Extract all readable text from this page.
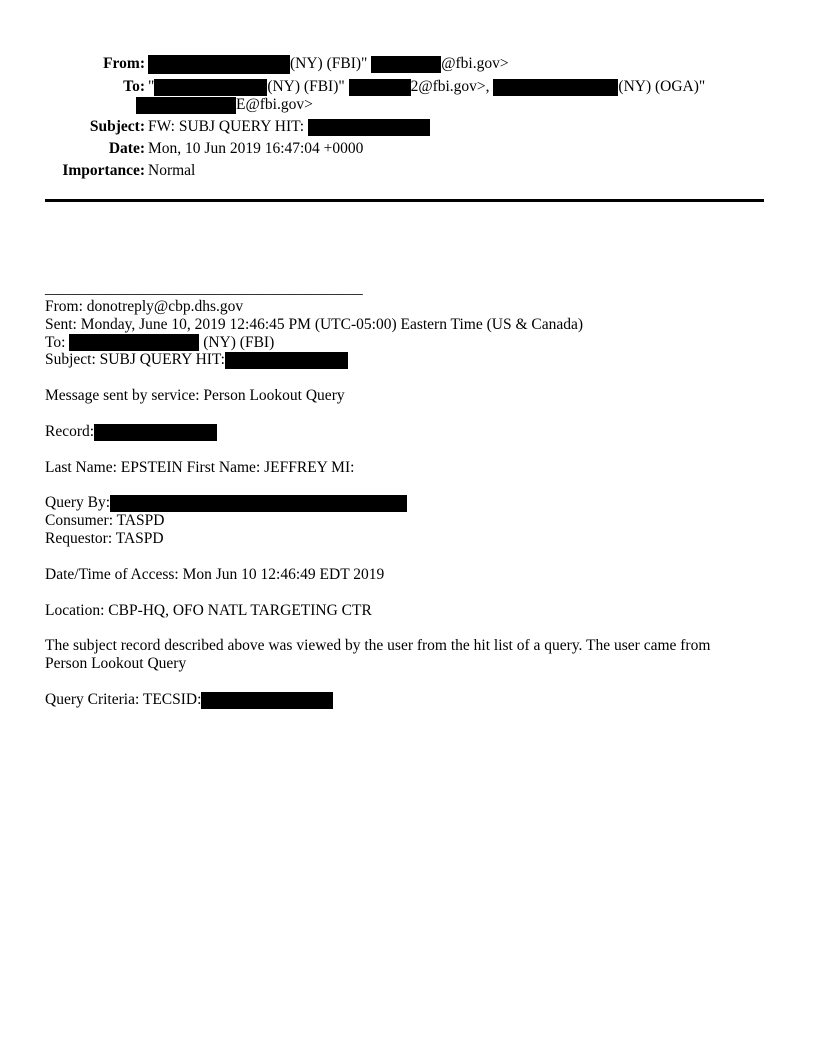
From:	(NY) (FBI)"	@fbi.gov>
To: "	(NY) (FBI)"	2@fbi.gov>,	(NY) (OGA)"
E@fbi.gov>
Subject: FW: SUBJ QUERY HIT:
Date: Mon, 10 Jun 2019 16:47:04 +0000
Importance: Normal
_________________________________________
From: donotreply@cbp.dhs.gov
Sent: Monday, June 10, 2019 12:46:45 PM (UTC-05:00) Eastern Time (US & Canada)
To:	(NY) (FBI)
Subject: SUBJ QUERY HIT:
Message sent by service: Person Lookout Query
Record:
Last Name: EPSTEIN First Name: JEFFREY MI:
Query By:
Consumer: TASPD
Requestor: TASPD
Date/Time of Access: Mon Jun 10 12:46:49 EDT 2019
Location: CBP-HQ, OFO NATL TARGETING CTR
The subject record described above was viewed by the user from the hit list of a query. The user came from
Person Lookout Query
Query Criteria: TECSID:
